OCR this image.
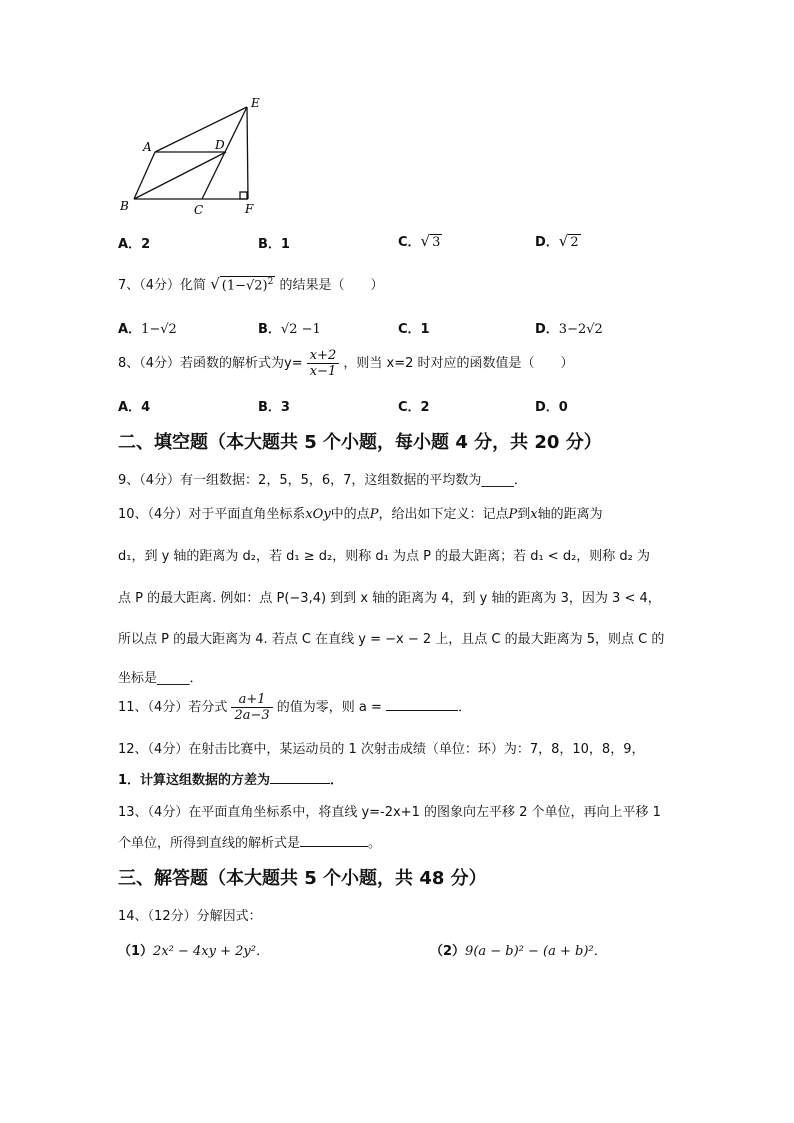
E
A	D
B	C	F
A．2	B．1	C．√ 3	D．√ 2
7、（4分）化简 √ $(1-√2)^2$ 的结果是（　　）
A．1−√2	B．√2 −1	C．1	D．3−2√2
8、（4分）若函数的解析式为$y= \frac{x+2}{x-1}$ ，则当 x=2 时对应的函数值是（　　）
A．4	B．3	C．2	D．0
二、填空题（本大题共 5 个小题，每小题 4 分，共 20 分）
9、（4分）有一组数据：2，5，5，6，7，这组数据的平均数为_____．
10、（4分）对于平面直角坐标系xOy中的点P，给出如下定义：记点P到x轴的距离为
d₁，到 y 轴的距离为 d₂，若 d₁ ≥ d₂，则称 d₁ 为点 P 的最大距离；若 d₁ < d₂，则称 d₂ 为
点 P 的最大距离. 例如：点 P(−3,4) 到到 x 轴的距离为 4，到 y 轴的距离为 3，因为 3 < 4，
所以点 P 的最大距离为 4. 若点 C 在直线 y = −x − 2 上，且点 C 的最大距离为 5，则点 C 的
坐标是_____．
11、（4分）若分式 $\frac{a+1}{2a-3}$ 的值为零，则 a =	．
12、（4分）在射击比赛中，某运动员的 1 次射击成绩（单位：环）为：7，8，10，8，9，
1．计算这组数据的方差为	．
13、（4分）在平面直角坐标系中，将直线 y=-2x+1 的图象向左平移 2 个单位，再向上平移 1
个单位，所得到直线的解析式是	。
三、解答题（本大题共 5 个小题，共 48 分）
14、（12分）分解因式：
（1）2x² − 4xy + 2y²．	（2）9(a − b)² − (a + b)²．
